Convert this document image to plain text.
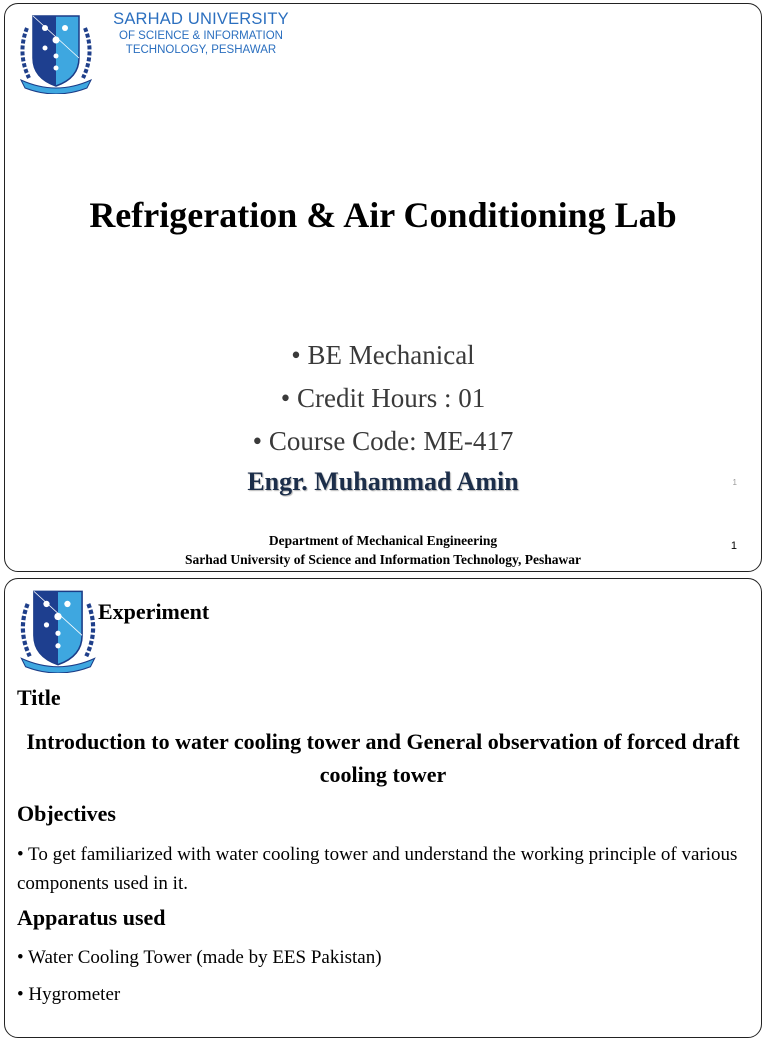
SARHAD UNIVERSITY
OF SCIENCE & INFORMATION
TECHNOLOGY, PESHAWAR
Refrigeration & Air Conditioning Lab
• BE Mechanical
• Credit Hours : 01
• Course Code: ME-417
Engr. Muhammad Amin	1
Department of Mechanical Engineering
Sarhad University of Science and Information Technology, Peshawar
1
Experiment
Title
Introduction to water cooling tower and General observation of forced draft cooling tower
Objectives
• To get familiarized with water cooling tower and understand the working principle of various components used in it.
Apparatus used
• Water Cooling Tower (made by EES Pakistan)
• Hygrometer
